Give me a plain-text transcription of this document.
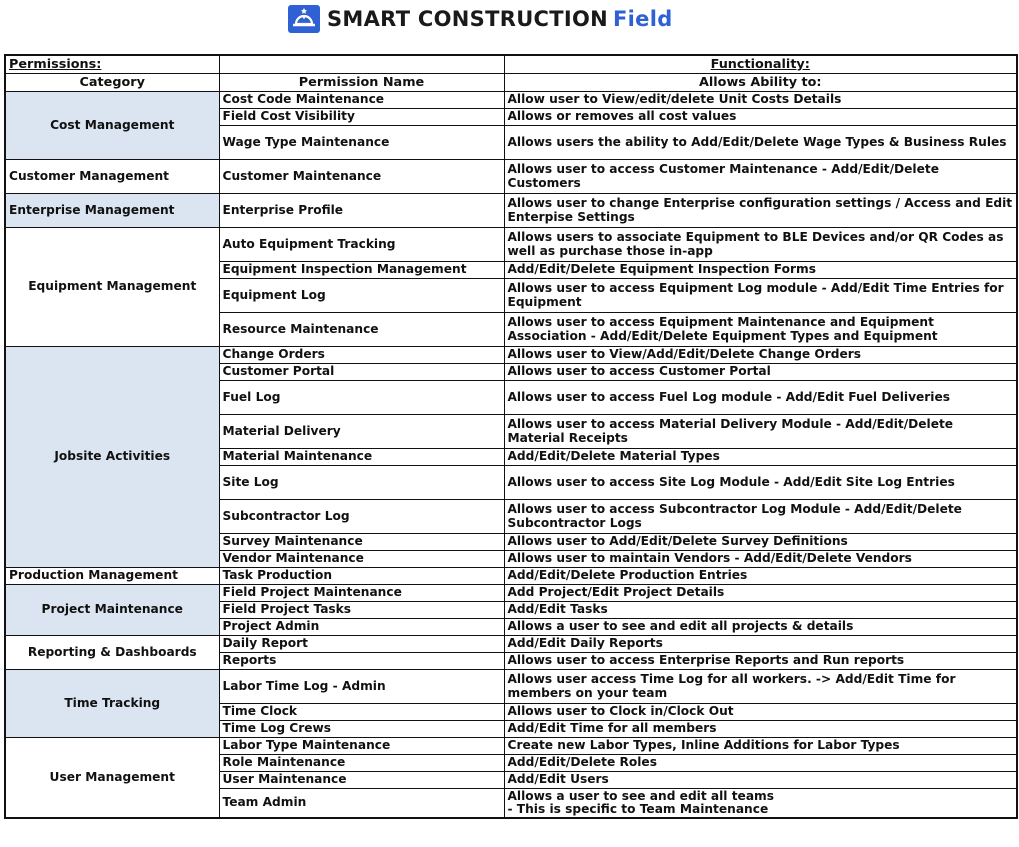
SMART CONSTRUCTION Field
Permissions:		Functionality:
Category	Permission Name	Allows Ability to:
Cost Management	Cost Code Maintenance	Allow user to View/edit/delete Unit Costs Details
	Field Cost Visibility	Allows or removes all cost values
	Wage Type Maintenance	Allows users the ability to Add/Edit/Delete Wage Types & Business Rules
Customer Management	Customer Maintenance	Allows user to access Customer Maintenance - Add/Edit/Delete Customers
Enterprise Management	Enterprise Profile	Allows user to change Enterprise configuration settings / Access and Edit Enterpise Settings
Equipment Management	Auto Equipment Tracking	Allows users to associate Equipment to BLE Devices and/or QR Codes as well as purchase those in-app
	Equipment Inspection Management	Add/Edit/Delete Equipment Inspection Forms
	Equipment Log	Allows user to access Equipment Log module - Add/Edit Time Entries for Equipment
	Resource Maintenance	Allows user to access Equipment Maintenance and Equipment Association - Add/Edit/Delete Equipment Types and Equipment
Jobsite Activities	Change Orders	Allows user to View/Add/Edit/Delete Change Orders
	Customer Portal	Allows user to access Customer Portal
	Fuel Log	Allows user to access Fuel Log module - Add/Edit Fuel Deliveries
	Material Delivery	Allows user to access Material Delivery Module - Add/Edit/Delete Material Receipts
	Material Maintenance	Add/Edit/Delete Material Types
	Site Log	Allows user to access Site Log Module - Add/Edit Site Log Entries
	Subcontractor Log	Allows user to access Subcontractor Log Module - Add/Edit/Delete Subcontractor Logs
	Survey Maintenance	Allows user to Add/Edit/Delete Survey Definitions
	Vendor Maintenance	Allows user to maintain Vendors - Add/Edit/Delete Vendors
Production Management	Task Production	Add/Edit/Delete Production Entries
Project Maintenance	Field Project Maintenance	Add Project/Edit Project Details
	Field Project Tasks	Add/Edit Tasks
	Project Admin	Allows a user to see and edit all projects & details
Reporting & Dashboards	Daily Report	Add/Edit Daily Reports
	Reports	Allows user to access Enterprise Reports and Run reports
Time Tracking	Labor Time Log - Admin	Allows user access Time Log for all workers. -> Add/Edit Time for members on your team
	Time Clock	Allows user to Clock in/Clock Out
	Time Log Crews	Add/Edit Time for all members
User Management	Labor Type Maintenance	Create new Labor Types, Inline Additions for Labor Types
	Role Maintenance	Add/Edit/Delete Roles
	User Maintenance	Add/Edit Users
	Team Admin	Allows a user to see and edit all teams
- This is specific to Team Maintenance
